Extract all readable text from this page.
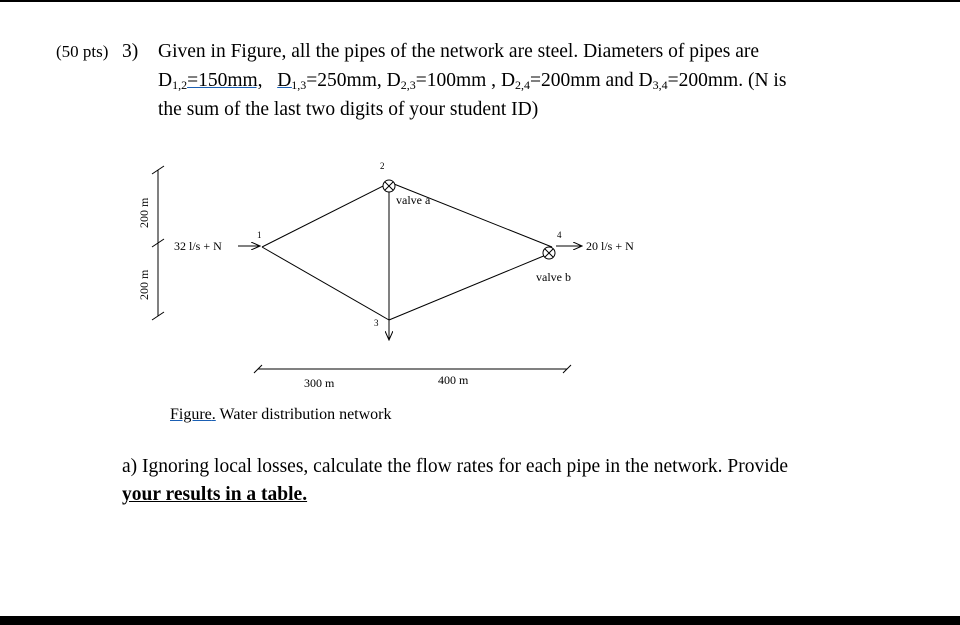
(50 pts) 3) Given in Figure, all the pipes of the network are steel. Diameters of pipes are
$D_{1,2}=150mm$, $D_{1,3}=250mm$, $D_{2,3}=100mm$ , $D_{2,4}=200mm$ and $D_{3,4}=200mm$. (N is
the sum of the last two digits of your student ID)
200 m
200 m
32 l/s + N	20 l/s + N
1
2
3
4
valve a
valve b
300 m	400 m
Figure. Water distribution network
a) Ignoring local losses, calculate the flow rates for each pipe in the network. Provide
your results in a table.
